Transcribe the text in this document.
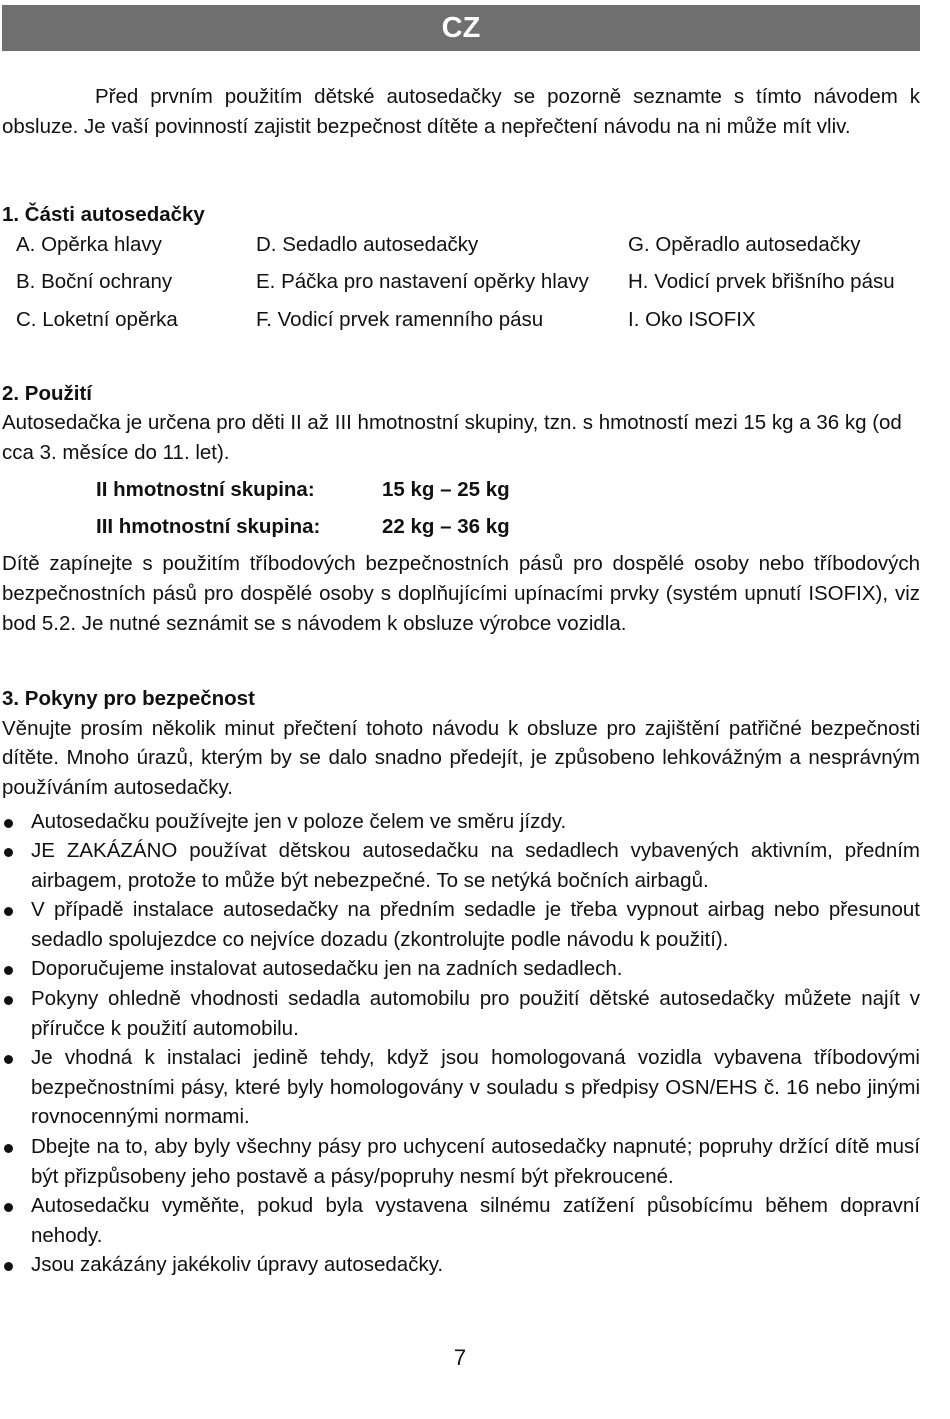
CZ

Před prvním použitím dětské autosedačky se pozorně seznamte s tímto návodem k obsluze. Je vaší povinností zajistit bezpečnost dítěte a nepřečtení návodu na ni může mít vliv.

1. Části autosedačky

A. Opěrka hlavy
B. Boční ochrany
C. Loketní opěrka
D. Sedadlo autosedačky
E. Páčka pro nastavení opěrky hlavy
F. Vodicí prvek ramenního pásu
G. Opěradlo autosedačky
H. Vodicí prvek břišního pásu
I. Oko ISOFIX

2. Použití

Autosedačka je určena pro děti II až III hmotnostní skupiny, tzn. s hmotností mezi 15 kg a 36 kg (od cca 3. měsíce do 11. let).

II hmotnostní skupina:	15 kg – 25 kg
III hmotnostní skupina:	22 kg – 36 kg

Dítě zapínejte s použitím tříbodových bezpečnostních pásů pro dospělé osoby nebo tříbodových bezpečnostních pásů pro dospělé osoby s doplňujícími upínacími prvky (systém upnutí ISOFIX), viz bod 5.2. Je nutné seznámit se s návodem k obsluze výrobce vozidla.

3. Pokyny pro bezpečnost

Věnujte prosím několik minut přečtení tohoto návodu k obsluze pro zajištění patřičné bezpečnosti dítěte. Mnoho úrazů, kterým by se dalo snadno předejít, je způsobeno lehkovážným a nesprávným používáním autosedačky.

Autosedačku používejte jen v poloze čelem ve směru jízdy.
JE ZAKÁZÁNO používat dětskou autosedačku na sedadlech vybavených aktivním, předním airbagem, protože to může být nebezpečné. To se netýká bočních airbagů.
V případě instalace autosedačky na předním sedadle je třeba vypnout airbag nebo přesunout sedadlo spolujezdce co nejvíce dozadu (zkontrolujte podle návodu k použití).
Doporučujeme instalovat autosedačku jen na zadních sedadlech.
Pokyny ohledně vhodnosti sedadla automobilu pro použití dětské autosedačky můžete najít v příručce k použití automobilu.
Je vhodná k instalaci jedině tehdy, když jsou homologovaná vozidla vybavena tříbodovými bezpečnostními pásy, které byly homologovány v souladu s předpisy OSN/EHS č. 16 nebo jinými rovnocennými normami.
Dbejte na to, aby byly všechny pásy pro uchycení autosedačky napnuté; popruhy držící dítě musí být přizpůsobeny jeho postavě a pásy/popruhy nesmí být překroucené.
Autosedačku vyměňte, pokud byla vystavena silnému zatížení působícímu během dopravní nehody.
Jsou zakázány jakékoliv úpravy autosedačky.
7
